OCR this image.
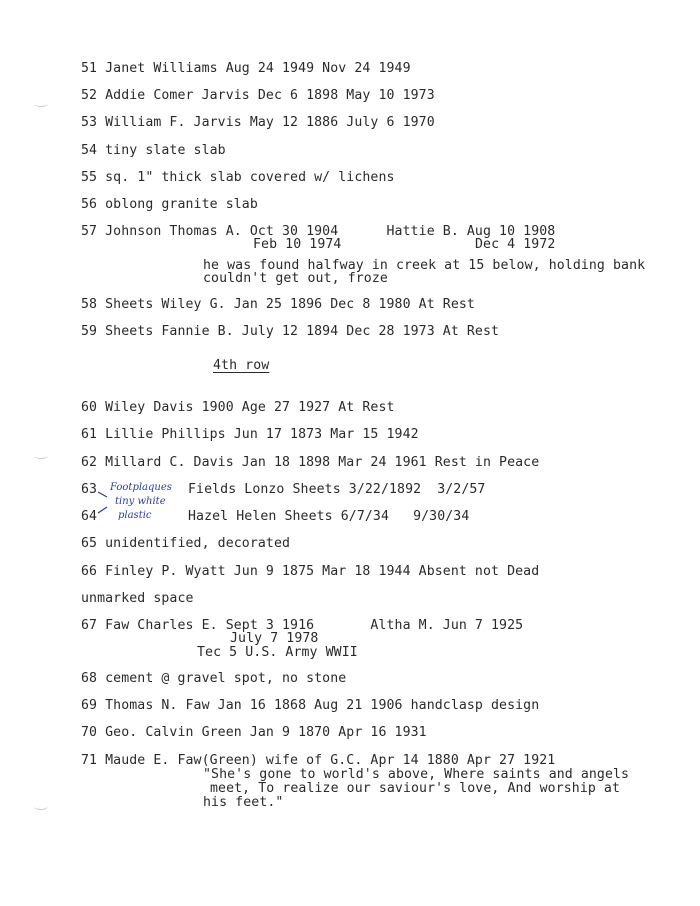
51 Janet Williams Aug 24 1949 Nov 24 1949
52 Addie Comer Jarvis Dec 6 1898 May 10 1973
53 William F. Jarvis May 12 1886 July 6 1970
54 tiny slate slab
55 sq. 1" thick slab covered w/ lichens
56 oblong granite slab
57 Johnson Thomas A. Oct 30 1904      Hattie B. Aug 10 1908
Feb 10 1974	Dec 4 1972
he was found halfway in creek at 15 below, holding bank
couldn't get out, froze
58 Sheets Wiley G. Jan 25 1896 Dec 8 1980 At Rest
59 Sheets Fannie B. July 12 1894 Dec 28 1973 At Rest
4th row
60 Wiley Davis 1900 Age 27 1927 At Rest
61 Lillie Phillips Jun 17 1873 Mar 15 1942
62 Millard C. Davis Jan 18 1898 Mar 24 1961 Rest in Peace
63	Fields Lonzo Sheets 3/22/1892  3/2/57
64	Hazel Helen Sheets 6/7/34   9/30/34
Footplaques
tiny white
plastic
65 unidentified, decorated
66 Finley P. Wyatt Jun 9 1875 Mar 18 1944 Absent not Dead
unmarked space
67 Faw Charles E. Sept 3 1916       Altha M. Jun 7 1925
July 7 1978
Tec 5 U.S. Army WWII
68 cement @ gravel spot, no stone
69 Thomas N. Faw Jan 16 1868 Aug 21 1906 handclasp design
70 Geo. Calvin Green Jan 9 1870 Apr 16 1931
71 Maude E. Faw(Green) wife of G.C. Apr 14 1880 Apr 27 1921
"She's gone to world's above, Where saints and angels
meet, To realize our saviour's love, And worship at
his feet."
